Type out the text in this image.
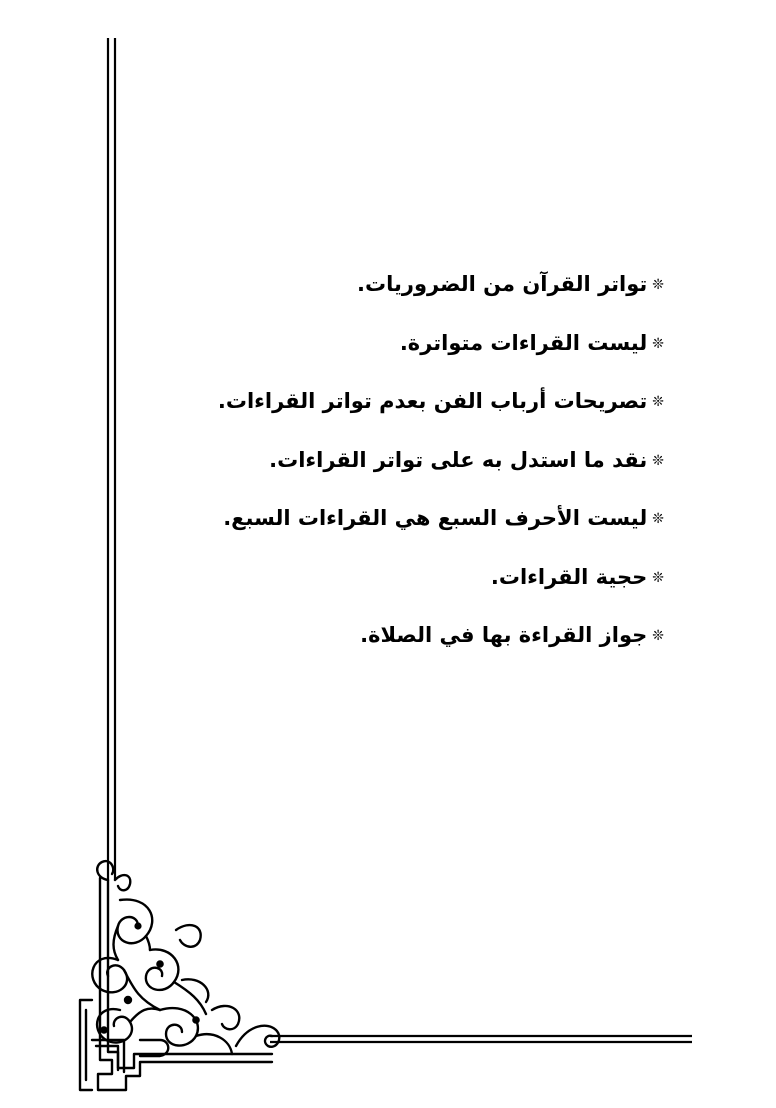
❊تواتر القرآن من الضروريات.
❊ليست القراءات متواترة.
❊تصريحات أرباب الفن بعدم تواتر القراءات.
❊نقد ما استدل به على تواتر القراءات.
❊ليست الأحرف السبع هي القراءات السبع.
❊حجية القراءات.
❊جواز القراءة بها في الصلاة.
